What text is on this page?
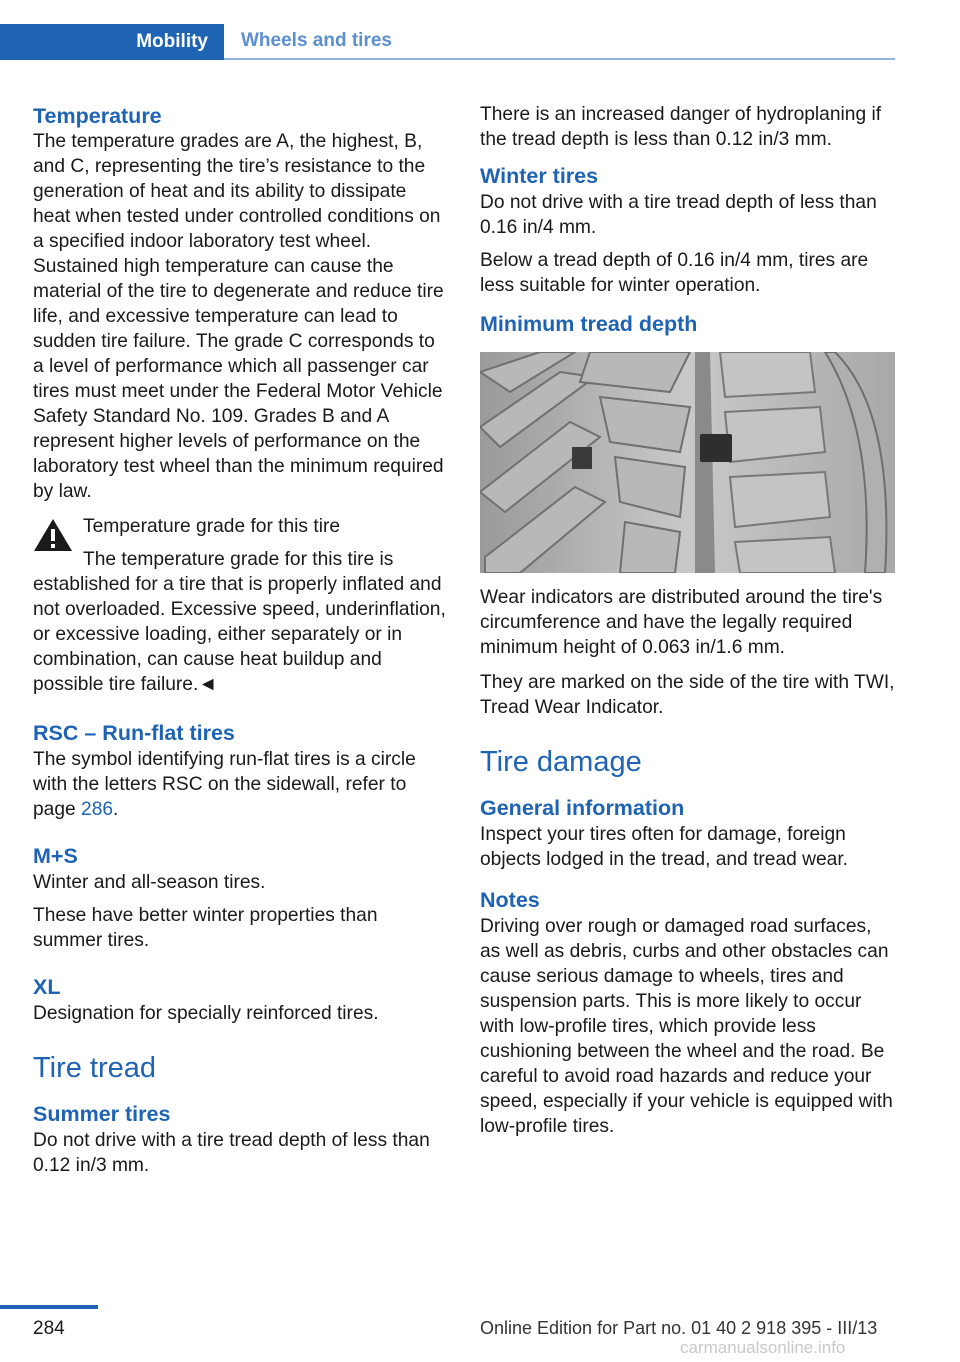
Mobility	Wheels and tires
Temperature

The temperature grades are A, the highest, B, and C, representing the tire’s resistance to the generation of heat and its ability to dissipate heat when tested under controlled conditions on a specified indoor laboratory test wheel. Sustained high temperature can cause the material of the tire to degenerate and reduce tire life, and excessive temperature can lead to sudden tire failure. The grade C corresponds to a level of performance which all passenger car tires must meet under the Federal Motor Vehicle Safety Standard No. 109. Grades B and A represent higher levels of performance on the laboratory test wheel than the minimum required by law.

Temperature grade for this tire

The temperature grade for this tire is established for a tire that is properly inflated and not overloaded. Excessive speed, underinflation, or excessive loading, either separately or in combination, can cause heat buildup and possible tire failure.◄

RSC – Run-flat tires

The symbol identifying run-flat tires is a circle with the letters RSC on the sidewall, refer to page 286.

M+S

Winter and all-season tires.

These have better winter properties than summer tires.

XL

Designation for specially reinforced tires.

Tire tread
Summer tires

Do not drive with a tire tread depth of less than 0.12 in/3 mm.

There is an increased danger of hydroplaning if the tread depth is less than 0.12 in/3 mm.

Winter tires

Do not drive with a tire tread depth of less than 0.16 in/4 mm.

Below a tread depth of 0.16 in/4 mm, tires are less suitable for winter operation.

Minimum tread depth

Wear indicators are distributed around the tire's circumference and have the legally required minimum height of 0.063 in/1.6 mm.

They are marked on the side of the tire with TWI, Tread Wear Indicator.

Tire damage
General information

Inspect your tires often for damage, foreign objects lodged in the tread, and tread wear.

Notes

Driving over rough or damaged road surfaces, as well as debris, curbs and other obstacles can cause serious damage to wheels, tires and suspension parts. This is more likely to occur with low-profile tires, which provide less cushioning between the wheel and the road. Be careful to avoid road hazards and reduce your speed, especially if your vehicle is equipped with low-profile tires.

284	Online Edition for Part no. 01 40 2 918 395 - III/13
carmanualsonline.info
